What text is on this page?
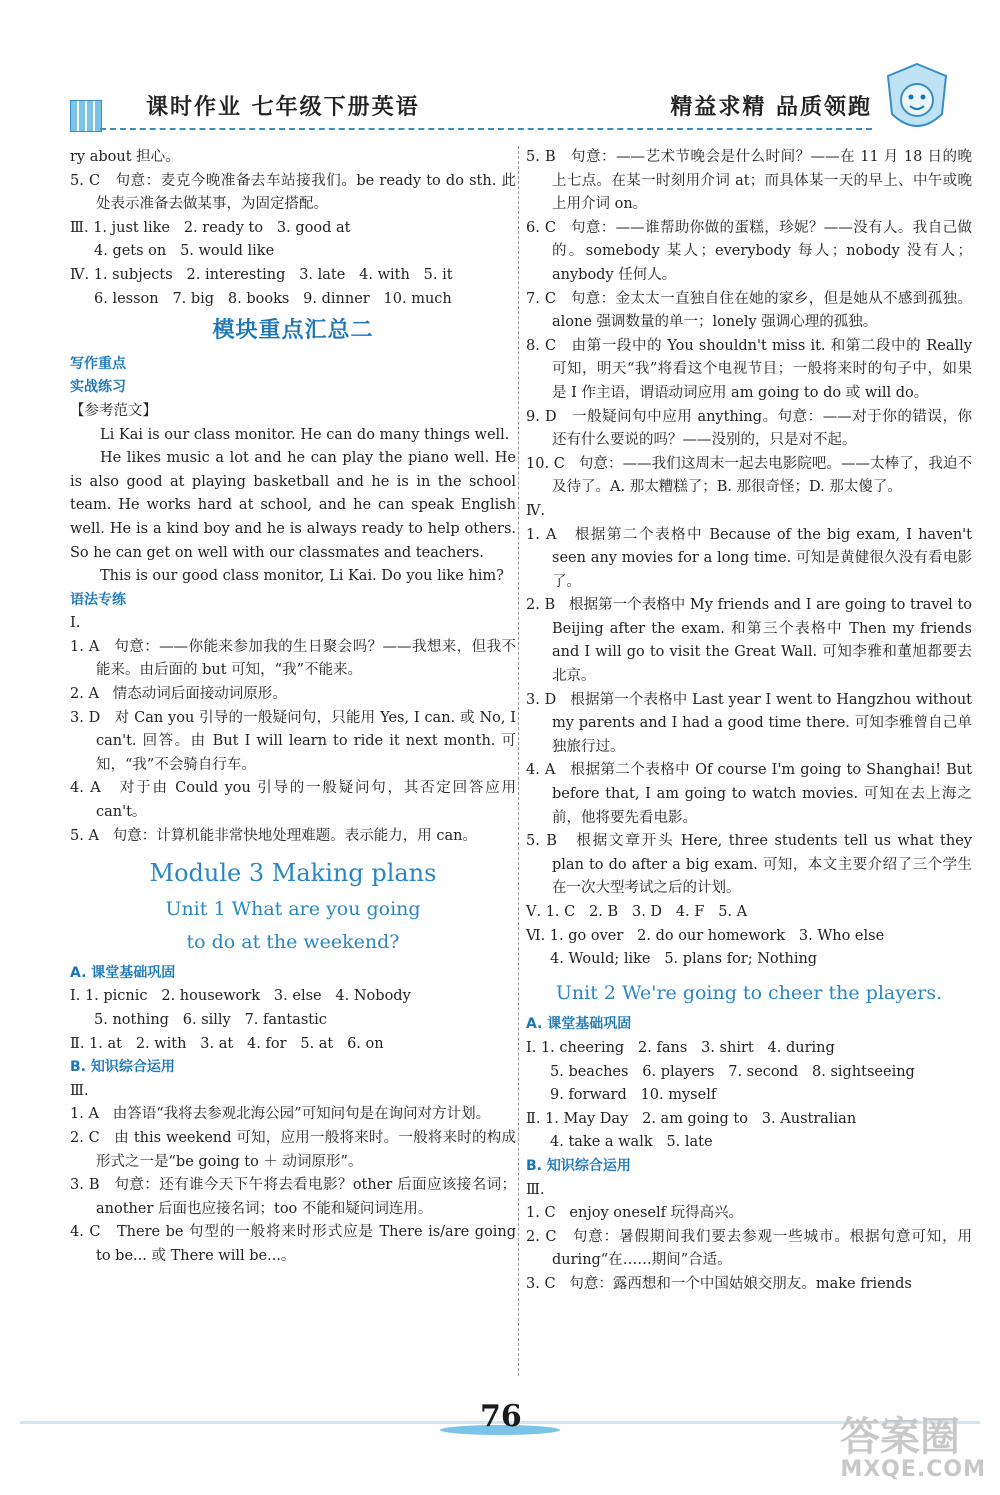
课时作业 七年级下册英语	精益求精 品质领跑
ry about 担心。
5. C   句意：麦克今晚准备去车站接我们。be ready to do sth. 此处表示准备去做某事，为固定搭配。
Ⅲ. 1. just like   2. ready to   3. good at
4. gets on   5. would like
Ⅳ. 1. subjects   2. interesting   3. late   4. with   5. it
6. lesson   7. big   8. books   9. dinner   10. much
模块重点汇总二
写作重点
实战练习
【参考范文】
Li Kai is our class monitor. He can do many things well.
He likes music a lot and he can play the piano well. He is also good at playing basketball and he is in the school team. He works hard at school, and he can speak English well. He is a kind boy and he is always ready to help others. So he can get on well with our classmates and teachers.
This is our good class monitor, Li Kai. Do you like him?
语法专练
Ⅰ.
1. A   句意：——你能来参加我的生日聚会吗？——我想来，但我不能来。由后面的 but 可知，“我”不能来。
2. A   情态动词后面接动词原形。
3. D   对 Can you 引导的一般疑问句，只能用 Yes, I can. 或 No, I can't. 回答。由 But I will learn to ride it next month. 可知，“我”不会骑自行车。
4. A   对于由 Could you 引导的一般疑问句，其否定回答应用 can't。
5. A   句意：计算机能非常快地处理难题。表示能力，用 can。
Module 3 Making plans
Unit 1 What are you going
to do at the weekend?
A. 课堂基础巩固
Ⅰ. 1. picnic   2. housework   3. else   4. Nobody
5. nothing   6. silly   7. fantastic
Ⅱ. 1. at   2. with   3. at   4. for   5. at   6. on
B. 知识综合运用
Ⅲ.
1. A   由答语“我将去参观北海公园”可知问句是在询问对方计划。
2. C   由 this weekend 可知，应用一般将来时。一般将来时的构成形式之一是“be going to ＋ 动词原形”。
3. B   句意：还有谁今天下午将去看电影？other 后面应该接名词；another 后面也应接名词；too 不能和疑问词连用。
4. C   There be 句型的一般将来时形式应是 There is/are going to be... 或 There will be...。
5. B   句意：——艺术节晚会是什么时间？——在 11 月 18 日的晚上七点。在某一时刻用介词 at；而具体某一天的早上、中午或晚上用介词 on。
6. C   句意：——谁帮助你做的蛋糕，珍妮？——没有人。我自己做的。somebody 某人；everybody 每人；nobody 没有人；anybody 任何人。
7. C   句意：金太太一直独自住在她的家乡，但是她从不感到孤独。alone 强调数量的单一；lonely 强调心理的孤独。
8. C   由第一段中的 You shouldn't miss it. 和第二段中的 Really 可知，明天“我”将看这个电视节目；一般将来时的句子中，如果是 I 作主语，谓语动词应用 am going to do 或 will do。
9. D   一般疑问句中应用 anything。句意：——对于你的错误，你还有什么要说的吗？——没别的，只是对不起。
10. C   句意：——我们这周末一起去电影院吧。——太棒了，我迫不及待了。A. 那太糟糕了；B. 那很奇怪；D. 那太傻了。
Ⅳ.
1. A   根据第二个表格中 Because of the big exam, I haven't seen any movies for a long time. 可知是黄健很久没有看电影了。
2. B   根据第一个表格中 My friends and I are going to travel to Beijing after the exam. 和第三个表格中 Then my friends and I will go to visit the Great Wall. 可知李雅和董旭都要去北京。
3. D   根据第一个表格中 Last year I went to Hangzhou without my parents and I had a good time there. 可知李雅曾自己单独旅行过。
4. A   根据第二个表格中 Of course I'm going to Shanghai! But before that, I am going to watch movies. 可知在去上海之前，他将要先看电影。
5. B   根据文章开头 Here, three students tell us what they plan to do after a big exam. 可知，本文主要介绍了三个学生在一次大型考试之后的计划。
Ⅴ. 1. C   2. B   3. D   4. F   5. A
Ⅵ. 1. go over   2. do our homework   3. Who else
4. Would; like   5. plans for; Nothing
Unit 2 We're going to cheer the players.
A. 课堂基础巩固
Ⅰ. 1. cheering   2. fans   3. shirt   4. during
5. beaches   6. players   7. second   8. sightseeing
9. forward   10. myself
Ⅱ. 1. May Day   2. am going to   3. Australian
4. take a walk   5. late
B. 知识综合运用
Ⅲ.
1. C   enjoy oneself 玩得高兴。
2. C   句意：暑假期间我们要去参观一些城市。根据句意可知，用 during“在……期间”合适。
3. C   句意：露西想和一个中国姑娘交朋友。make friends
76	答案圈
MXQE.COM
